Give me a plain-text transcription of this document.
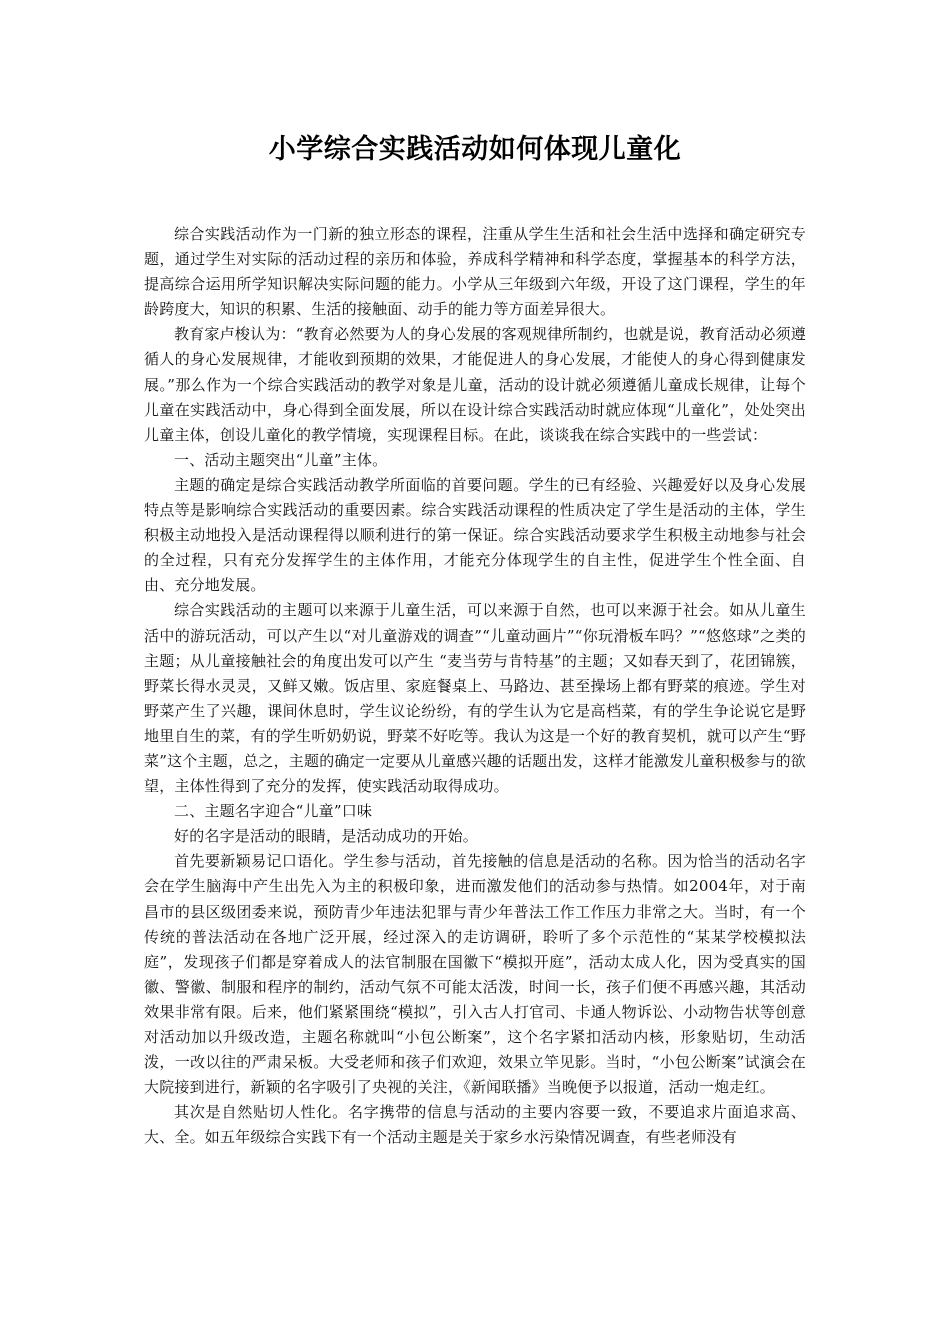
小学综合实践活动如何体现儿童化

综合实践活动作为一门新的独立形态的课程，注重从学生生活和社会生活中选择和确定研究专题，通过学生对实际的活动过程的亲历和体验，养成科学精神和科学态度，掌握基本的科学方法，提高综合运用所学知识解决实际问题的能力。小学从三年级到六年级，开设了这门课程，学生的年龄跨度大，知识的积累、生活的接触面、动手的能力等方面差异很大。

教育家卢梭认为：“教育必然要为人的身心发展的客观规律所制约，也就是说，教育活动必须遵循人的身心发展规律，才能收到预期的效果，才能促进人的身心发展，才能使人的身心得到健康发展。”那么作为一个综合实践活动的教学对象是儿童，活动的设计就必须遵循儿童成长规律，让每个儿童在实践活动中，身心得到全面发展，所以在设计综合实践活动时就应体现“儿童化”，处处突出儿童主体，创设儿童化的教学情境，实现课程目标。在此，谈谈我在综合实践中的一些尝试：

一、活动主题突出“儿童”主体。

主题的确定是综合实践活动教学所面临的首要问题。学生的已有经验、兴趣爱好以及身心发展特点等是影响综合实践活动的重要因素。综合实践活动课程的性质决定了学生是活动的主体，学生积极主动地投入是活动课程得以顺利进行的第一保证。综合实践活动要求学生积极主动地参与社会的全过程，只有充分发挥学生的主体作用，才能充分体现学生的自主性，促进学生个性全面、自由、充分地发展。

综合实践活动的主题可以来源于儿童生活，可以来源于自然，也可以来源于社会。如从儿童生活中的游玩活动，可以产生以“对儿童游戏的调查”“儿童动画片”“你玩滑板车吗？”“悠悠球”之类的主题；从儿童接触社会的角度出发可以产生 “麦当劳与肯特基”的主题；又如春天到了，花团锦簇，野菜长得水灵灵，又鲜又嫩。饭店里、家庭餐桌上、马路边、甚至操场上都有野菜的痕迹。学生对野菜产生了兴趣，课间休息时，学生议论纷纷，有的学生认为它是高档菜，有的学生争论说它是野地里自生的菜，有的学生听奶奶说，野菜不好吃等。我认为这是一个好的教育契机，就可以产生“野菜”这个主题，总之，主题的确定一定要从儿童感兴趣的话题出发，这样才能激发儿童积极参与的欲望，主体性得到了充分的发挥，使实践活动取得成功。

二、主题名字迎合“儿童”口味

好的名字是活动的眼睛，是活动成功的开始。

首先要新颖易记口语化。学生参与活动，首先接触的信息是活动的名称。因为恰当的活动名字会在学生脑海中产生出先入为主的积极印象，进而激发他们的活动参与热情。如2004年，对于南昌市的县区级团委来说，预防青少年违法犯罪与青少年普法工作工作压力非常之大。当时，有一个传统的普法活动在各地广泛开展，经过深入的走访调研，聆听了多个示范性的“某某学校模拟法庭”，发现孩子们都是穿着成人的法官制服在国徽下“模拟开庭”，活动太成人化，因为受真实的国徽、警徽、制服和程序的制约，活动气氛不可能太活泼，时间一长，孩子们便不再感兴趣，其活动效果非常有限。后来，他们紧紧围绕“模拟”，引入古人打官司、卡通人物诉讼、小动物告状等创意对活动加以升级改造，主题名称就叫“小包公断案”，这个名字紧扣活动内核，形象贴切，生动活泼，一改以往的严肃呆板。大受老师和孩子们欢迎，效果立竿见影。当时，“小包公断案”试演会在大院接到进行，新颖的名字吸引了央视的关注，《新闻联播》当晚便予以报道，活动一炮走红。

其次是自然贴切人性化。名字携带的信息与活动的主要内容要一致，不要追求片面追求高、大、全。如五年级综合实践下有一个活动主题是关于家乡水污染情况调查，有些老师没有
